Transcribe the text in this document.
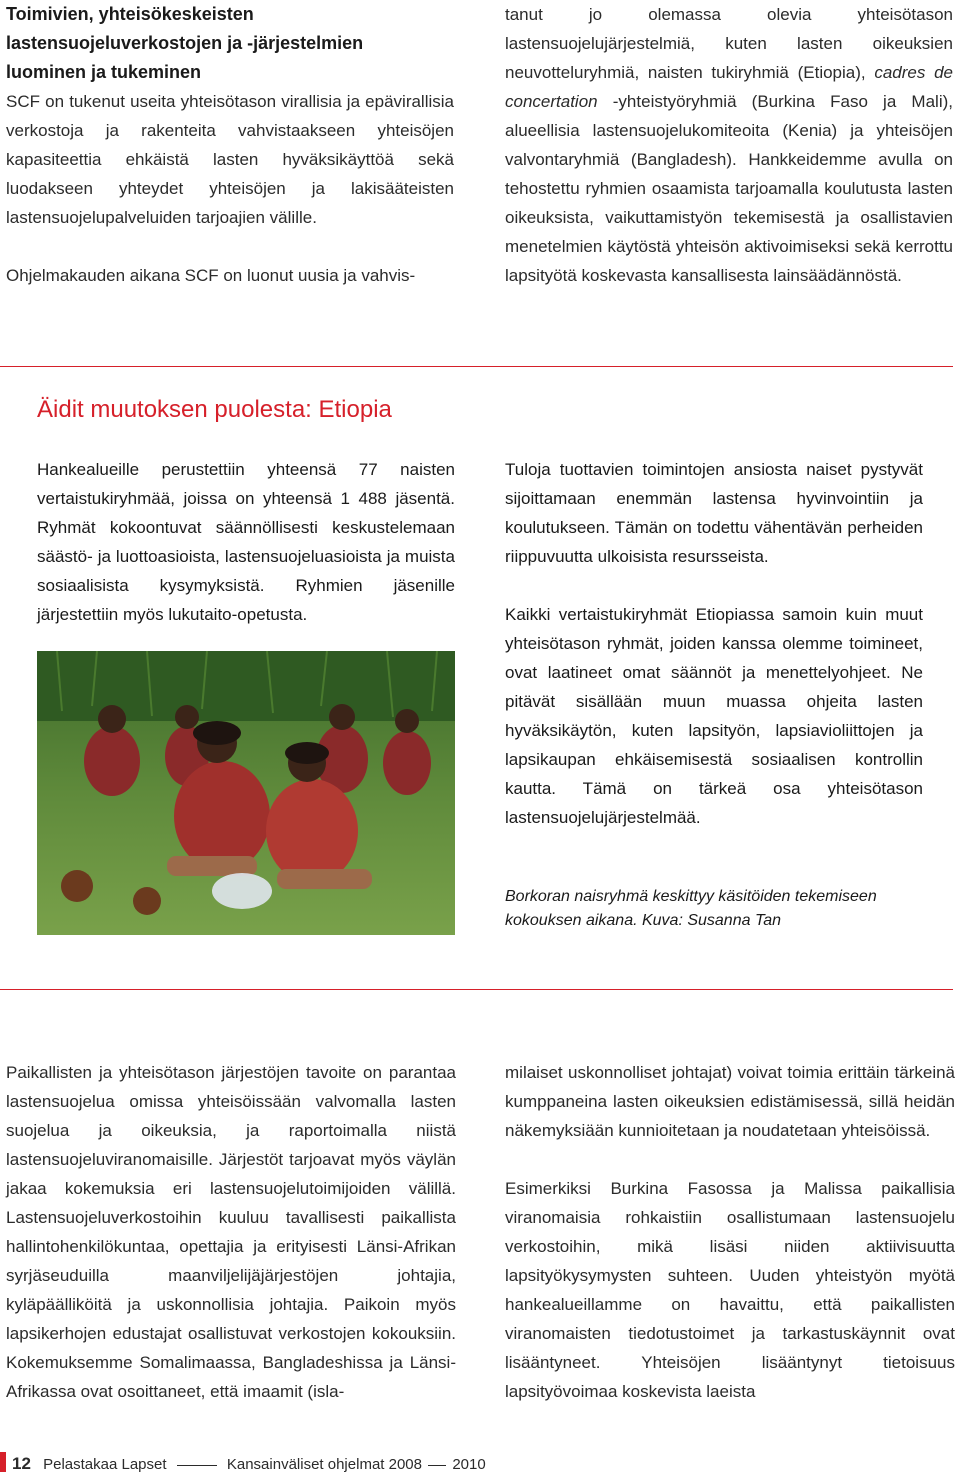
Toimivien, yhteisökeskeisten
lastensuojeluverkostojen ja -järjestelmien
luominen ja tukeminen

SCF on tukenut useita yhteisötason virallisia ja epävirallisia verkostoja ja rakenteita vahvistaakseen yhteisöjen kapasiteettia ehkäistä lasten hyväksikäyttöä sekä luodakseen yhteydet yhteisöjen ja lakisääteisten lastensuojelupalveluiden tarjoajien välille.

Ohjelmakauden aikana SCF on luonut uusia ja vahvis-

tanut jo olemassa olevia yhteisötason lastensuojelujärjestelmiä, kuten lasten oikeuksien neuvotteluryhmiä, naisten tukiryhmiä (Etiopia), cadres de concertation -yhteistyöryhmiä (Burkina Faso ja Mali), alueellisia lastensuojelukomiteoita (Kenia) ja yhteisöjen valvontaryhmiä (Bangladesh). Hankkeidemme avulla on tehostettu ryhmien osaamista tarjoamalla koulutusta lasten oikeuksista, vaikuttamistyön tekemisestä ja osallistavien menetelmien käytöstä yhteisön aktivoimiseksi sekä kerrottu lapsityötä koskevasta kansallisesta lainsäädännöstä.

Äidit muutoksen puolesta: Etiopia

Hankealueille perustettiin yhteensä 77 naisten vertaistukiryhmää, joissa on yhteensä 1 488 jäsentä. Ryhmät kokoontuvat säännöllisesti keskustelemaan säästö- ja luottoasioista, lastensuojeluasioista ja muista sosiaalisista kysymyksistä. Ryhmien jäsenille järjestettiin myös lukutaito-opetusta.

Tuloja tuottavien toimintojen ansiosta naiset pystyvät sijoittamaan enemmän lastensa hyvinvointiin ja koulutukseen. Tämän on todettu vähentävän perheiden riippuvuutta ulkoisista resursseista.

Kaikki vertaistukiryhmät Etiopiassa samoin kuin muut yhteisötason ryhmät, joiden kanssa olemme toimineet, ovat laatineet omat säännöt ja menettelyohjeet. Ne pitävät sisällään muun muassa ohjeita lasten hyväksikäytön, kuten lapsityön, lapsiavioliittojen ja lapsikaupan ehkäisemisestä sosiaalisen kontrollin kautta. Tämä on tärkeä osa yhteisötason lastensuojelujärjestelmää.

Borkoran naisryhmä keskittyy käsitöiden tekemiseen kokouksen aikana. Kuva: Susanna Tan

Paikallisten ja yhteisötason järjestöjen tavoite on parantaa lastensuojelua omissa yhteisöissään valvomalla lasten suojelua ja oikeuksia, ja raportoimalla niistä lastensuojeluviranomaisille. Järjestöt tarjoavat myös väylän jakaa kokemuksia eri lastensuojelutoimijoiden välillä. Lastensuojeluverkostoihin kuuluu tavallisesti paikallista hallintohenkilökuntaa, opettajia ja erityisesti Länsi-Afrikan syrjäseuduilla maanviljelijäjärjestöjen johtajia, kyläpäälliköitä ja uskonnollisia johtajia. Paikoin myös lapsikerhojen edustajat osallistuvat verkostojen kokouksiin. Kokemuksemme Somalimaassa, Bangladeshissa ja Länsi-Afrikassa ovat osoittaneet, että imaamit (isla-

milaiset uskonnolliset johtajat) voivat toimia erittäin tärkeinä kumppaneina lasten oikeuksien edistämisessä, sillä heidän näkemyksiään kunnioitetaan ja noudatetaan yhteisöissä.

Esimerkiksi Burkina Fasossa ja Malissa paikallisia viranomaisia rohkaistiin osallistumaan lastensuojelu verkostoihin, mikä lisäsi niiden aktiivisuutta lapsityökysymysten suhteen. Uuden yhteistyön myötä hankealueillamme on havaittu, että paikallisten viranomaisten tiedotustoimet ja tarkastuskäynnit ovat lisääntyneet. Yhteisöjen lisääntynyt tietoisuus lapsityövoimaa koskevista laeista

12 Pelastakaa Lapset	Kansainväliset ohjelmat 2008 2010
